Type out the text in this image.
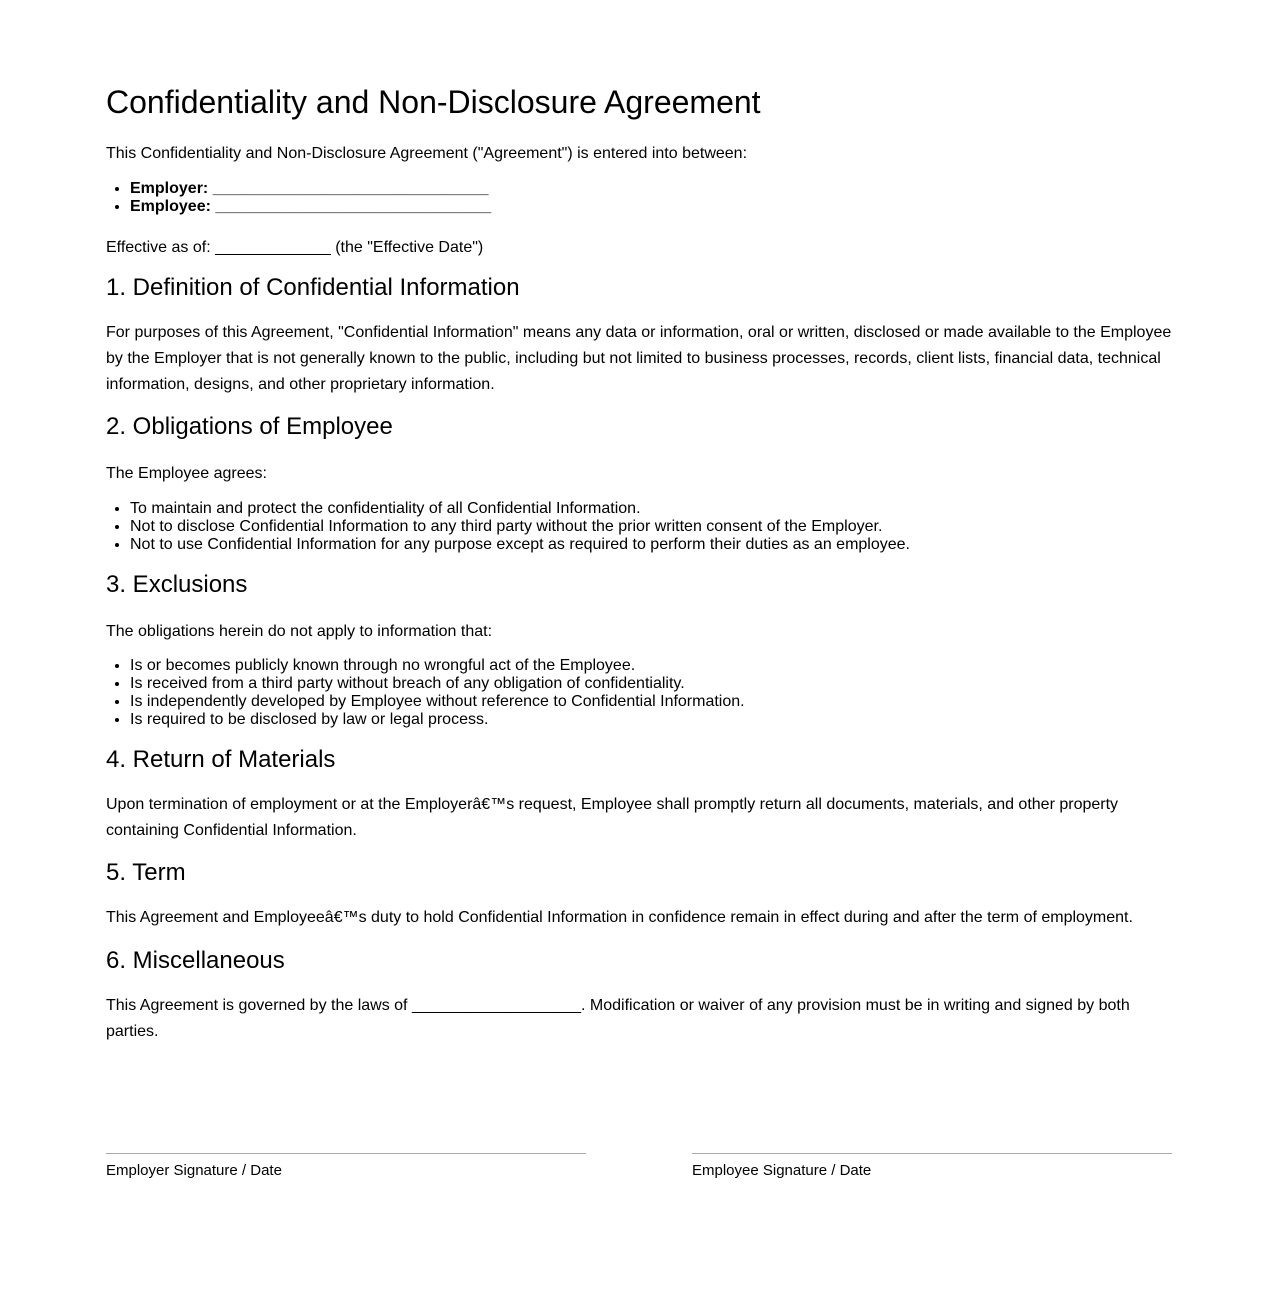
Confidentiality and Non-Disclosure Agreement

This Confidentiality and Non-Disclosure Agreement ("Agreement") is entered into between:

• Employer: _______________________________
• Employee: _______________________________

Effective as of: _____________ (the "Effective Date")

1. Definition of Confidential Information

For purposes of this Agreement, "Confidential Information" means any data or information, oral or written, disclosed or made available to the Employee by the Employer that is not generally known to the public, including but not limited to business processes, records, client lists, financial data, technical information, designs, and other proprietary information.

2. Obligations of Employee

The Employee agrees:

• To maintain and protect the confidentiality of all Confidential Information.
• Not to disclose Confidential Information to any third party without the prior written consent of the Employer.
• Not to use Confidential Information for any purpose except as required to perform their duties as an employee.
3. Exclusions

The obligations herein do not apply to information that:

• Is or becomes publicly known through no wrongful act of the Employee.
• Is received from a third party without breach of any obligation of confidentiality.
• Is independently developed by Employee without reference to Confidential Information.
• Is required to be disclosed by law or legal process.
4. Return of Materials

Upon termination of employment or at the Employerâ€™s request, Employee shall promptly return all documents, materials, and other property containing Confidential Information.

5. Term

This Agreement and Employeeâ€™s duty to hold Confidential Information in confidence remain in effect during and after the term of employment.

6. Miscellaneous

This Agreement is governed by the laws of ___________________. Modification or waiver of any provision must be in writing and signed by both parties.

Employer Signature / Date	Employee Signature / Date
